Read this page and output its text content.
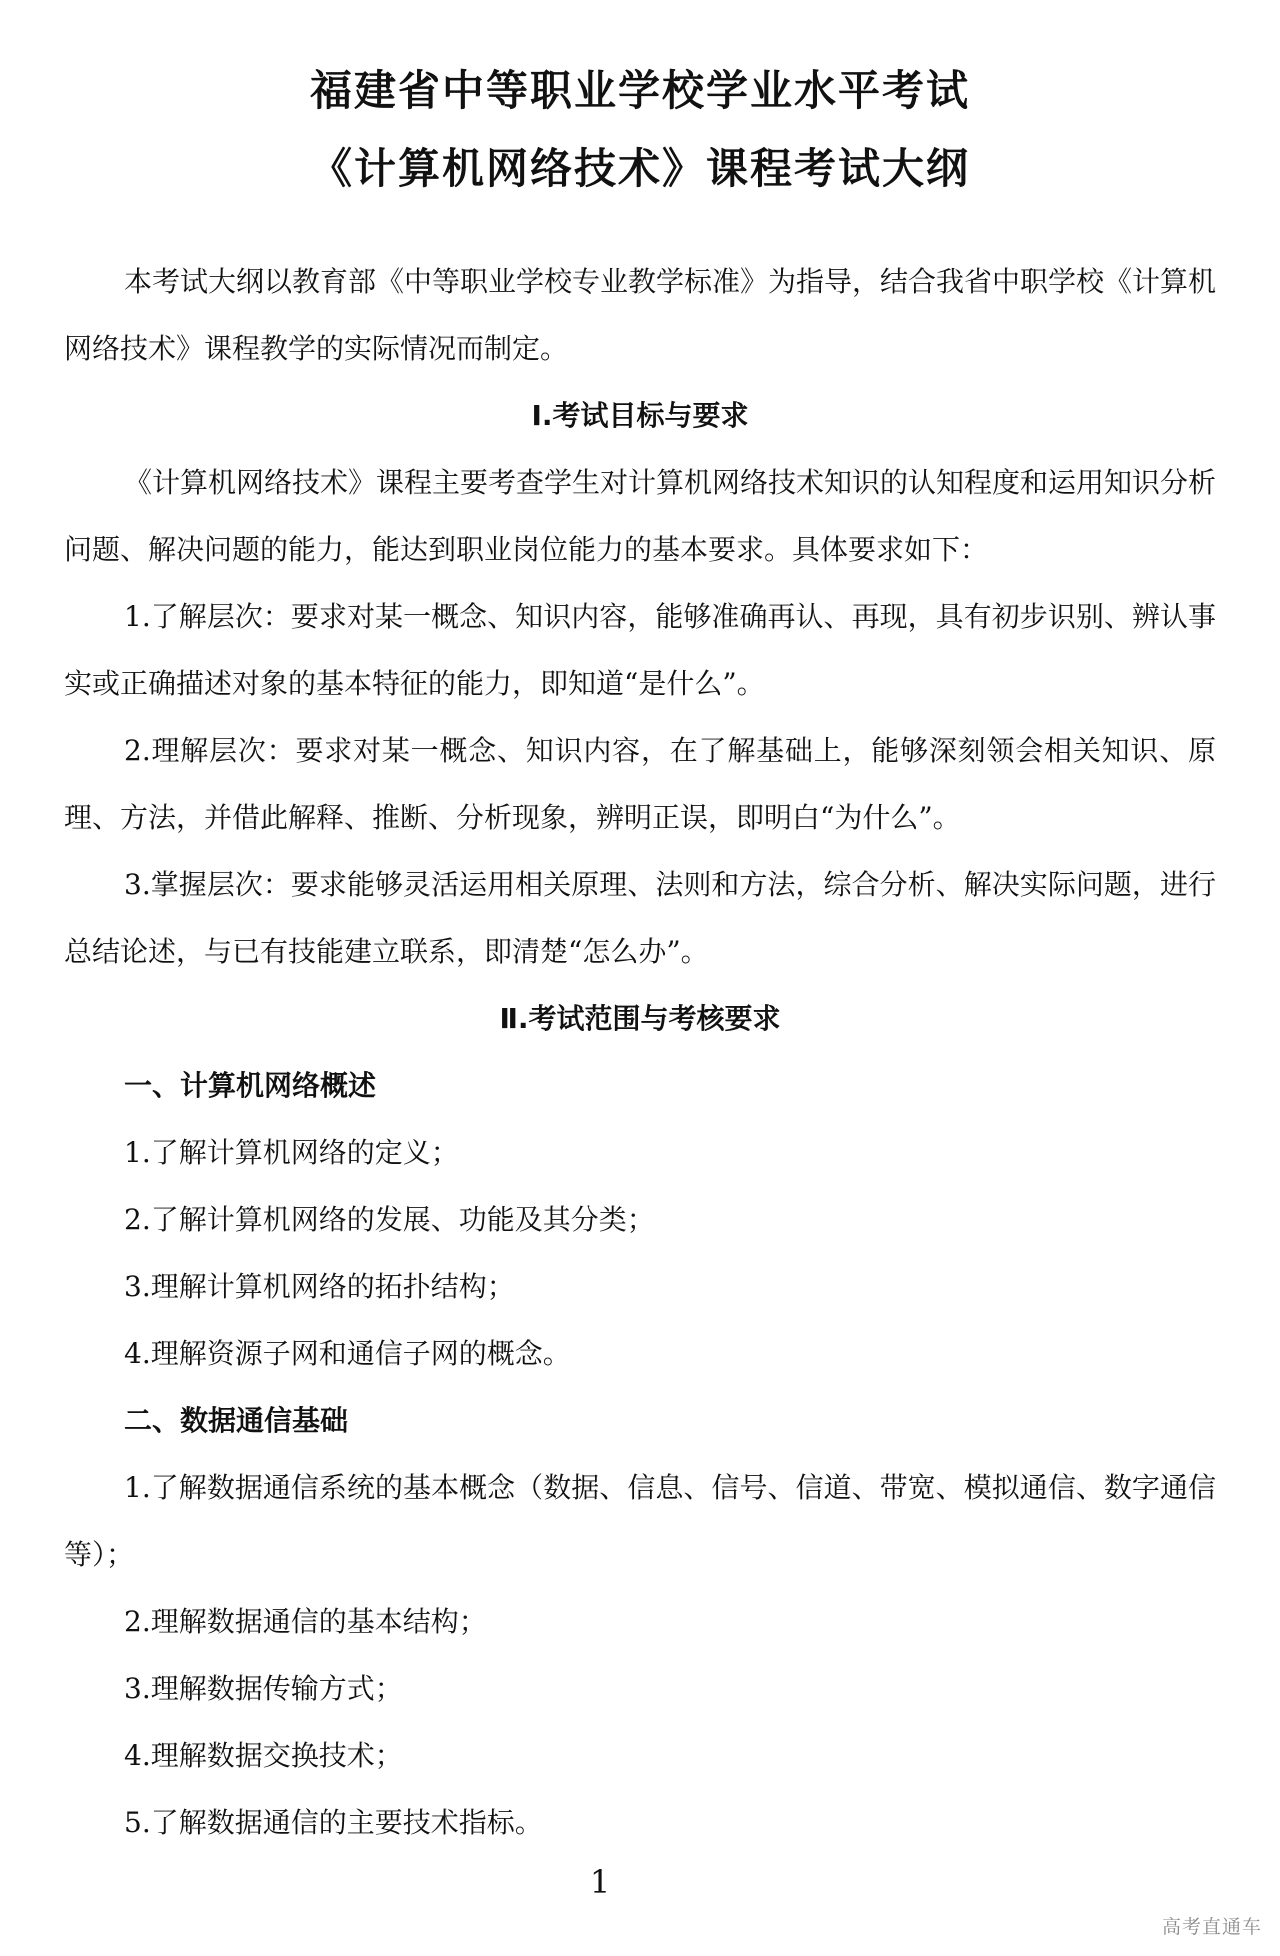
福建省中等职业学校学业水平考试
《计算机网络技术》课程考试大纲

本考试大纲以教育部《中等职业学校专业教学标准》为指导，结合我省中职学校《计算机网络技术》课程教学的实际情况而制定。

Ⅰ.考试目标与要求

《计算机网络技术》课程主要考查学生对计算机网络技术知识的认知程度和运用知识分析问题、解决问题的能力，能达到职业岗位能力的基本要求。具体要求如下：

1.了解层次：要求对某一概念、知识内容，能够准确再认、再现，具有初步识别、辨认事实或正确描述对象的基本特征的能力，即知道“是什么”。

2.理解层次：要求对某一概念、知识内容，在了解基础上，能够深刻领会相关知识、原理、方法，并借此解释、推断、分析现象，辨明正误，即明白“为什么”。

3.掌握层次：要求能够灵活运用相关原理、法则和方法，综合分析、解决实际问题，进行总结论述，与已有技能建立联系，即清楚“怎么办”。

Ⅱ.考试范围与考核要求
一、计算机网络概述

1.了解计算机网络的定义；

2.了解计算机网络的发展、功能及其分类；

3.理解计算机网络的拓扑结构；

4.理解资源子网和通信子网的概念。

二、数据通信基础

1.了解数据通信系统的基本概念（数据、信息、信号、信道、带宽、模拟通信、数字通信等）；

2.理解数据通信的基本结构；

3.理解数据传输方式；

4.理解数据交换技术；

5.了解数据通信的主要技术指标。

1
高考直通车
